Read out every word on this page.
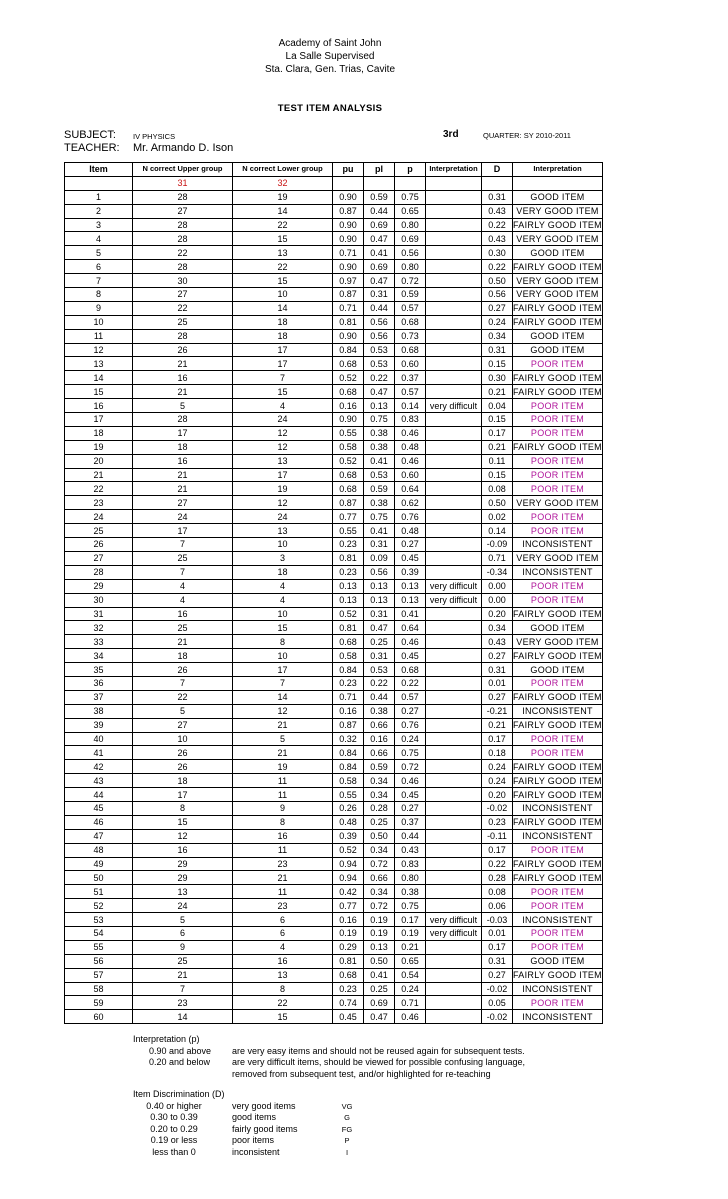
Academy of Saint John
La Salle Supervised
Sta. Clara, Gen. Trias, Cavite
TEST ITEM ANALYSIS
SUBJECT: IV PHYSICS
TEACHER: Mr. Armando D. Ison
3rd	QUARTER: SY 2010-2011
Item	N correct Upper group	N correct Lower group	pu	pl	p	Interpretation	D	Interpretation
	31	32						
1	28	19	0.90	0.59	0.75		0.31	GOOD ITEM
2	27	14	0.87	0.44	0.65		0.43	VERY GOOD ITEM
3	28	22	0.90	0.69	0.80		0.22	FAIRLY GOOD ITEM
4	28	15	0.90	0.47	0.69		0.43	VERY GOOD ITEM
5	22	13	0.71	0.41	0.56		0.30	GOOD ITEM
6	28	22	0.90	0.69	0.80		0.22	FAIRLY GOOD ITEM
7	30	15	0.97	0.47	0.72		0.50	VERY GOOD ITEM
8	27	10	0.87	0.31	0.59		0.56	VERY GOOD ITEM
9	22	14	0.71	0.44	0.57		0.27	FAIRLY GOOD ITEM
10	25	18	0.81	0.56	0.68		0.24	FAIRLY GOOD ITEM
11	28	18	0.90	0.56	0.73		0.34	GOOD ITEM
12	26	17	0.84	0.53	0.68		0.31	GOOD ITEM
13	21	17	0.68	0.53	0.60		0.15	POOR ITEM
14	16	7	0.52	0.22	0.37		0.30	FAIRLY GOOD ITEM
15	21	15	0.68	0.47	0.57		0.21	FAIRLY GOOD ITEM
16	5	4	0.16	0.13	0.14	very difficult	0.04	POOR ITEM
17	28	24	0.90	0.75	0.83		0.15	POOR ITEM
18	17	12	0.55	0.38	0.46		0.17	POOR ITEM
19	18	12	0.58	0.38	0.48		0.21	FAIRLY GOOD ITEM
20	16	13	0.52	0.41	0.46		0.11	POOR ITEM
21	21	17	0.68	0.53	0.60		0.15	POOR ITEM
22	21	19	0.68	0.59	0.64		0.08	POOR ITEM
23	27	12	0.87	0.38	0.62		0.50	VERY GOOD ITEM
24	24	24	0.77	0.75	0.76		0.02	POOR ITEM
25	17	13	0.55	0.41	0.48		0.14	POOR ITEM
26	7	10	0.23	0.31	0.27		-0.09	INCONSISTENT
27	25	3	0.81	0.09	0.45		0.71	VERY GOOD ITEM
28	7	18	0.23	0.56	0.39		-0.34	INCONSISTENT
29	4	4	0.13	0.13	0.13	very difficult	0.00	POOR ITEM
30	4	4	0.13	0.13	0.13	very difficult	0.00	POOR ITEM
31	16	10	0.52	0.31	0.41		0.20	FAIRLY GOOD ITEM
32	25	15	0.81	0.47	0.64		0.34	GOOD ITEM
33	21	8	0.68	0.25	0.46		0.43	VERY GOOD ITEM
34	18	10	0.58	0.31	0.45		0.27	FAIRLY GOOD ITEM
35	26	17	0.84	0.53	0.68		0.31	GOOD ITEM
36	7	7	0.23	0.22	0.22		0.01	POOR ITEM
37	22	14	0.71	0.44	0.57		0.27	FAIRLY GOOD ITEM
38	5	12	0.16	0.38	0.27		-0.21	INCONSISTENT
39	27	21	0.87	0.66	0.76		0.21	FAIRLY GOOD ITEM
40	10	5	0.32	0.16	0.24		0.17	POOR ITEM
41	26	21	0.84	0.66	0.75		0.18	POOR ITEM
42	26	19	0.84	0.59	0.72		0.24	FAIRLY GOOD ITEM
43	18	11	0.58	0.34	0.46		0.24	FAIRLY GOOD ITEM
44	17	11	0.55	0.34	0.45		0.20	FAIRLY GOOD ITEM
45	8	9	0.26	0.28	0.27		-0.02	INCONSISTENT
46	15	8	0.48	0.25	0.37		0.23	FAIRLY GOOD ITEM
47	12	16	0.39	0.50	0.44		-0.11	INCONSISTENT
48	16	11	0.52	0.34	0.43		0.17	POOR ITEM
49	29	23	0.94	0.72	0.83		0.22	FAIRLY GOOD ITEM
50	29	21	0.94	0.66	0.80		0.28	FAIRLY GOOD ITEM
51	13	11	0.42	0.34	0.38		0.08	POOR ITEM
52	24	23	0.77	0.72	0.75		0.06	POOR ITEM
53	5	6	0.16	0.19	0.17	very difficult	-0.03	INCONSISTENT
54	6	6	0.19	0.19	0.19	very difficult	0.01	POOR ITEM
55	9	4	0.29	0.13	0.21		0.17	POOR ITEM
56	25	16	0.81	0.50	0.65		0.31	GOOD ITEM
57	21	13	0.68	0.41	0.54		0.27	FAIRLY GOOD ITEM
58	7	8	0.23	0.25	0.24		-0.02	INCONSISTENT
59	23	22	0.74	0.69	0.71		0.05	POOR ITEM
60	14	15	0.45	0.47	0.46		-0.02	INCONSISTENT
Interpretation (p)
0.90 and above are very easy items and should not be reused again for subsequent tests.
0.20 and below are very difficult items, should be viewed for possible confusing language,
removed from subsequent test, and/or highlighted for re-teaching
Item Discrimination (D)
0.40 or higher	very good items	VG
0.30 to 0.39	good items	G
0.20 to 0.29	fairly good items	FG
0.19 or less	poor items	P
less than 0	inconsistent	I
